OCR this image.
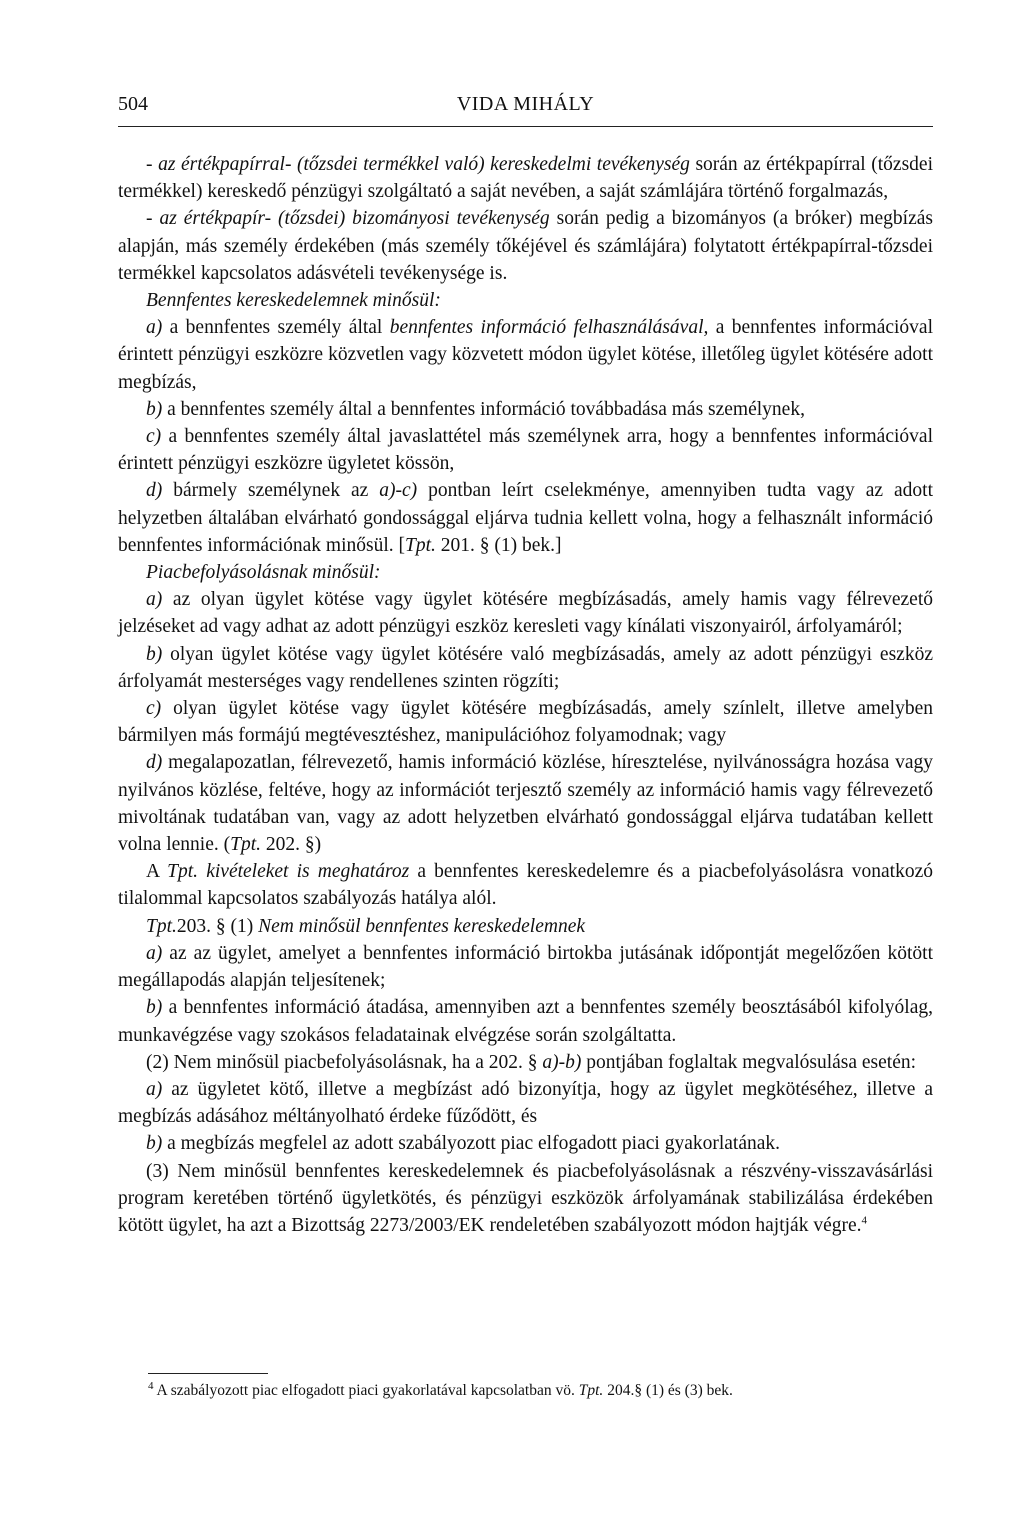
504	VIDA MIHÁLY

- az értékpapírral- (tőzsdei termékkel való) kereskedelmi tevékenység során az értékpapírral (tőzsdei termékkel) kereskedő pénzügyi szolgáltató a saját nevében, a saját számlájára történő forgalmazás,

- az értékpapír- (tőzsdei) bizományosi tevékenység során pedig a bizományos (a bróker) megbízás alapján, más személy érdekében (más személy tőkéjével és számlájára) folytatott értékpapírral-tőzsdei termékkel kapcsolatos adásvételi tevékenysége is.

Bennfentes kereskedelemnek minősül:

a) a bennfentes személy által bennfentes információ felhasználásával, a bennfentes információval érintett pénzügyi eszközre közvetlen vagy közvetett módon ügylet kötése, illetőleg ügylet kötésére adott megbízás,

b) a bennfentes személy által a bennfentes információ továbbadása más személynek,

c) a bennfentes személy által javaslattétel más személynek arra, hogy a bennfentes információval érintett pénzügyi eszközre ügyletet kössön,

d) bármely személynek az a)-c) pontban leírt cselekménye, amennyiben tudta vagy az adott helyzetben általában elvárható gondossággal eljárva tudnia kellett volna, hogy a felhasznált információ bennfentes információnak minősül. [Tpt. 201. § (1) bek.]

Piacbefolyásolásnak minősül:

a) az olyan ügylet kötése vagy ügylet kötésére megbízásadás, amely hamis vagy félrevezető jelzéseket ad vagy adhat az adott pénzügyi eszköz keresleti vagy kínálati viszonyairól, árfolyamáról;

b) olyan ügylet kötése vagy ügylet kötésére való megbízásadás, amely az adott pénzügyi eszköz árfolyamát mesterséges vagy rendellenes szinten rögzíti;

c) olyan ügylet kötése vagy ügylet kötésére megbízásadás, amely színlelt, illetve amelyben bármilyen más formájú megtévesztéshez, manipulációhoz folyamodnak; vagy

d) megalapozatlan, félrevezető, hamis információ közlése, híresztelése, nyilvánosságra hozása vagy nyilvános közlése, feltéve, hogy az információt terjesztő személy az információ hamis vagy félrevezető mivoltának tudatában van, vagy az adott helyzetben elvárható gondossággal eljárva tudatában kellett volna lennie. (Tpt. 202. §)

A Tpt. kivételeket is meghatároz a bennfentes kereskedelemre és a piacbefolyásolásra vonatkozó tilalommal kapcsolatos szabályozás hatálya alól.

Tpt.203. § (1) Nem minősül bennfentes kereskedelemnek

a) az az ügylet, amelyet a bennfentes információ birtokba jutásának időpontját megelőzően kötött megállapodás alapján teljesítenek;

b) a bennfentes információ átadása, amennyiben azt a bennfentes személy beosztásából kifolyólag, munkavégzése vagy szokásos feladatainak elvégzése során szolgáltatta.

(2) Nem minősül piacbefolyásolásnak, ha a 202. § a)-b) pontjában foglaltak megvalósulása esetén:

a) az ügyletet kötő, illetve a megbízást adó bizonyítja, hogy az ügylet megkötéséhez, illetve a megbízás adásához méltányolható érdeke fűződött, és

b) a megbízás megfelel az adott szabályozott piac elfogadott piaci gyakorlatának.

(3) Nem minősül bennfentes kereskedelemnek és piacbefolyásolásnak a részvény-visszavásárlási program keretében történő ügyletkötés, és pénzügyi eszközök árfolyamának stabilizálása érdekében kötött ügylet, ha azt a Bizottság 2273/2003/EK rendeletében szabályozott módon hajtják végre.$^4$

$^4$ A szabályozott piac elfogadott piaci gyakorlatával kapcsolatban vö. Tpt. 204.§ (1) és (3) bek.
